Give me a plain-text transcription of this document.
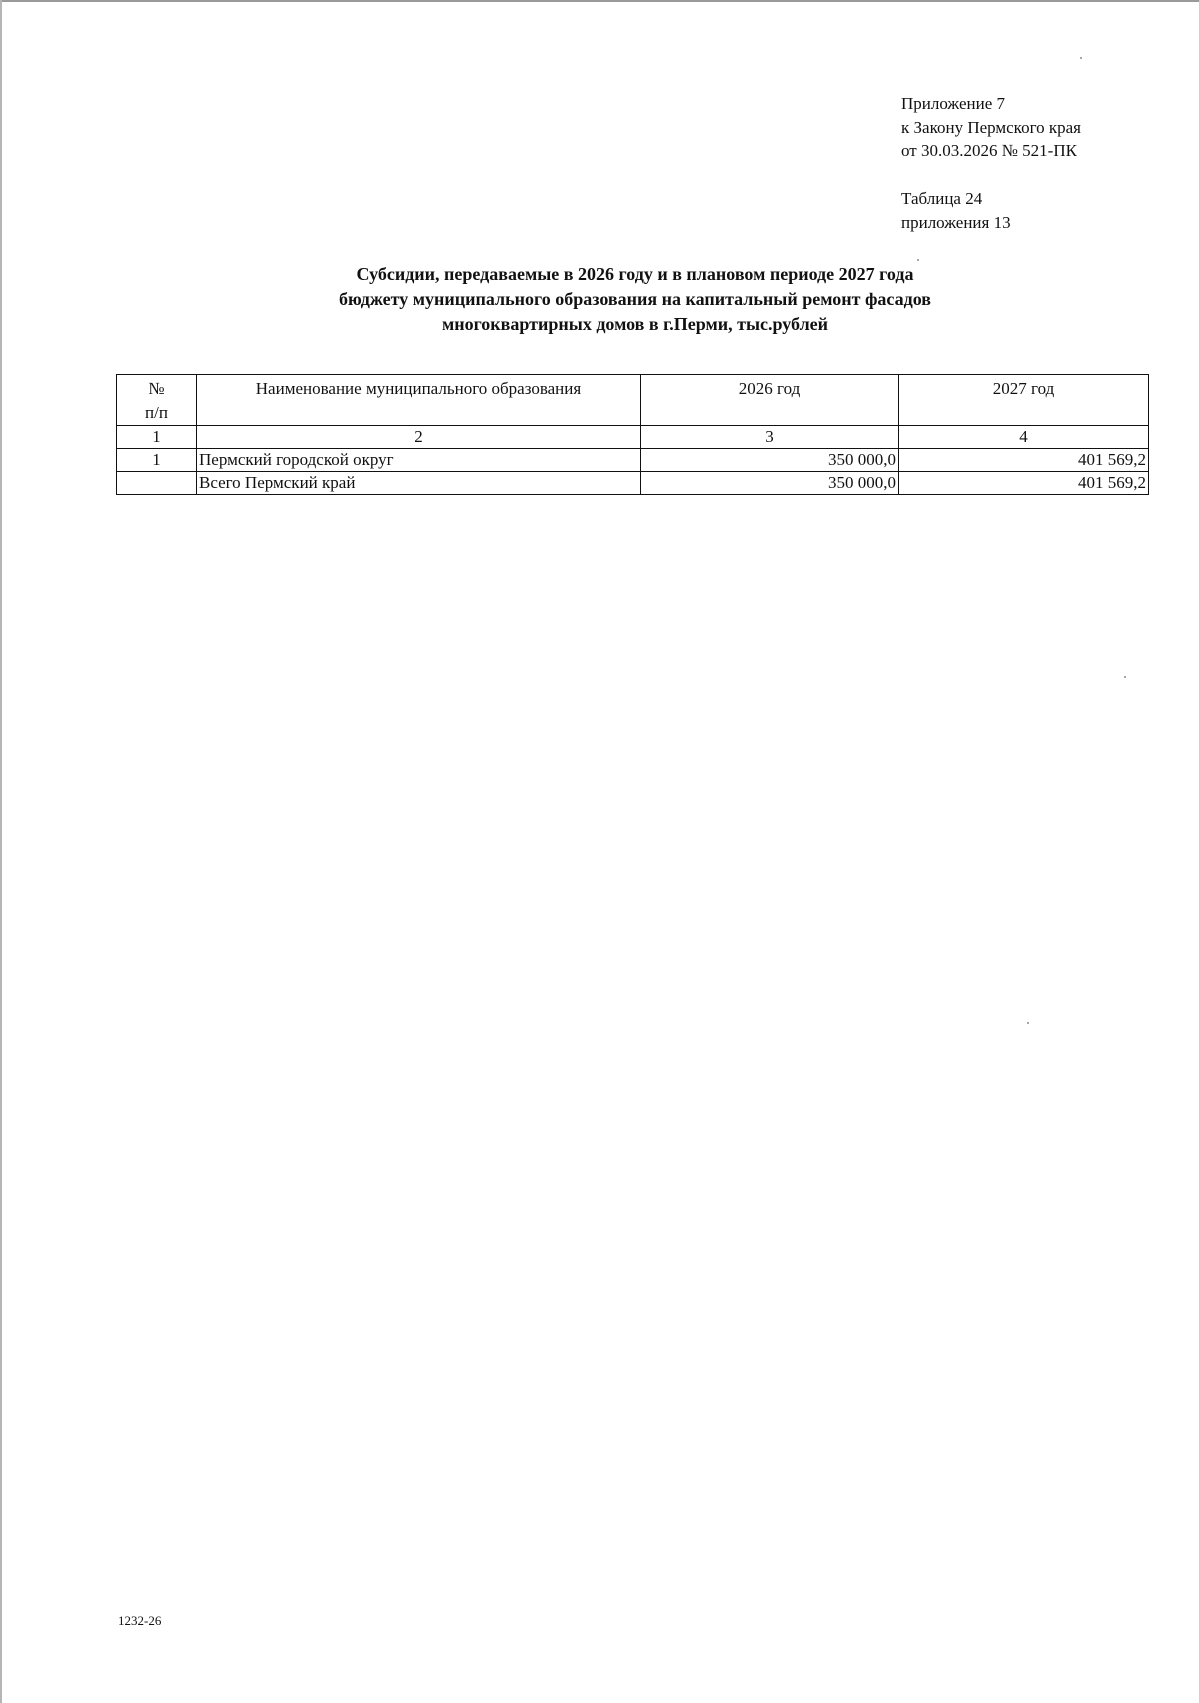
Приложение 7
к Закону Пермского края
от 30.03.2026 № 521-ПК
Таблица 24
приложения 13
Субсидии, передаваемые в 2026 году и в плановом периоде 2027 года
бюджету муниципального образования на капитальный ремонт фасадов
многоквартирных домов в г.Перми, тыс.рублей
№
п/п	Наименование муниципального образования	2026 год	2027 год
1	2	3	4
1	Пермский городской округ	350 000,0	401 569,2
	Всего Пермский край	350 000,0	401 569,2
1232-26
